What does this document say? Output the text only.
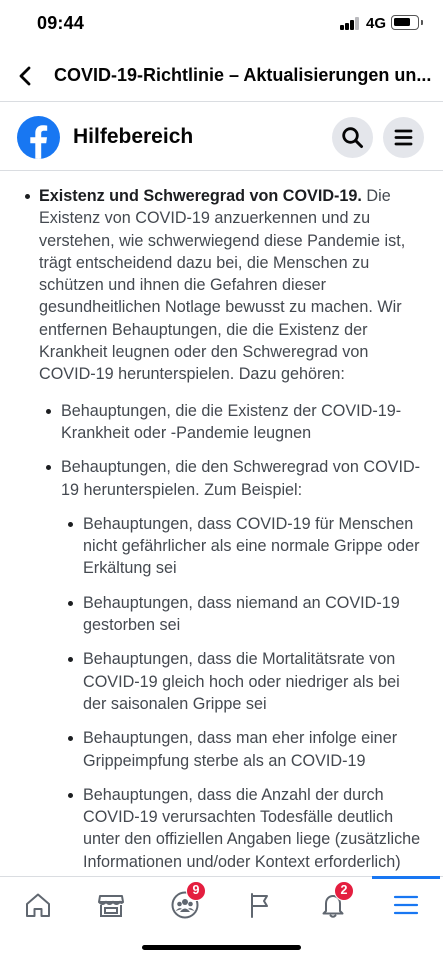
09:44	4G
COVID-19-Richtlinie – Aktualisierungen un...
Hilfebereich
Existenz und Schweregrad von COVID-19. Die Existenz von COVID-19 anzuerkennen und zu verstehen, wie schwerwiegend diese Pandemie ist, trägt entscheidend dazu bei, die Menschen zu schützen und ihnen die Gefahren dieser gesundheitlichen Notlage bewusst zu machen. Wir entfernen Behauptungen, die die Existenz der Krankheit leugnen oder den Schweregrad von COVID-19 herunterspielen. Dazu gehören:
Behauptungen, die die Existenz der COVID-19-Krankheit oder -Pandemie leugnen
Behauptungen, die den Schweregrad von COVID-19 herunterspielen. Zum Beispiel:
Behauptungen, dass COVID-19 für Menschen nicht gefährlicher als eine normale Grippe oder Erkältung sei
Behauptungen, dass niemand an COVID-19 gestorben sei
Behauptungen, dass die Mortalitätsrate von COVID-19 gleich hoch oder niedriger als bei der saisonalen Grippe sei
Behauptungen, dass man eher infolge einer Grippeimpfung sterbe als an COVID-19
Behauptungen, dass die Anzahl der durch COVID-19 verursachten Todesfälle deutlich unter den offiziellen Angaben liege (zusätzliche Informationen und/oder Kontext erforderlich)
9	2
